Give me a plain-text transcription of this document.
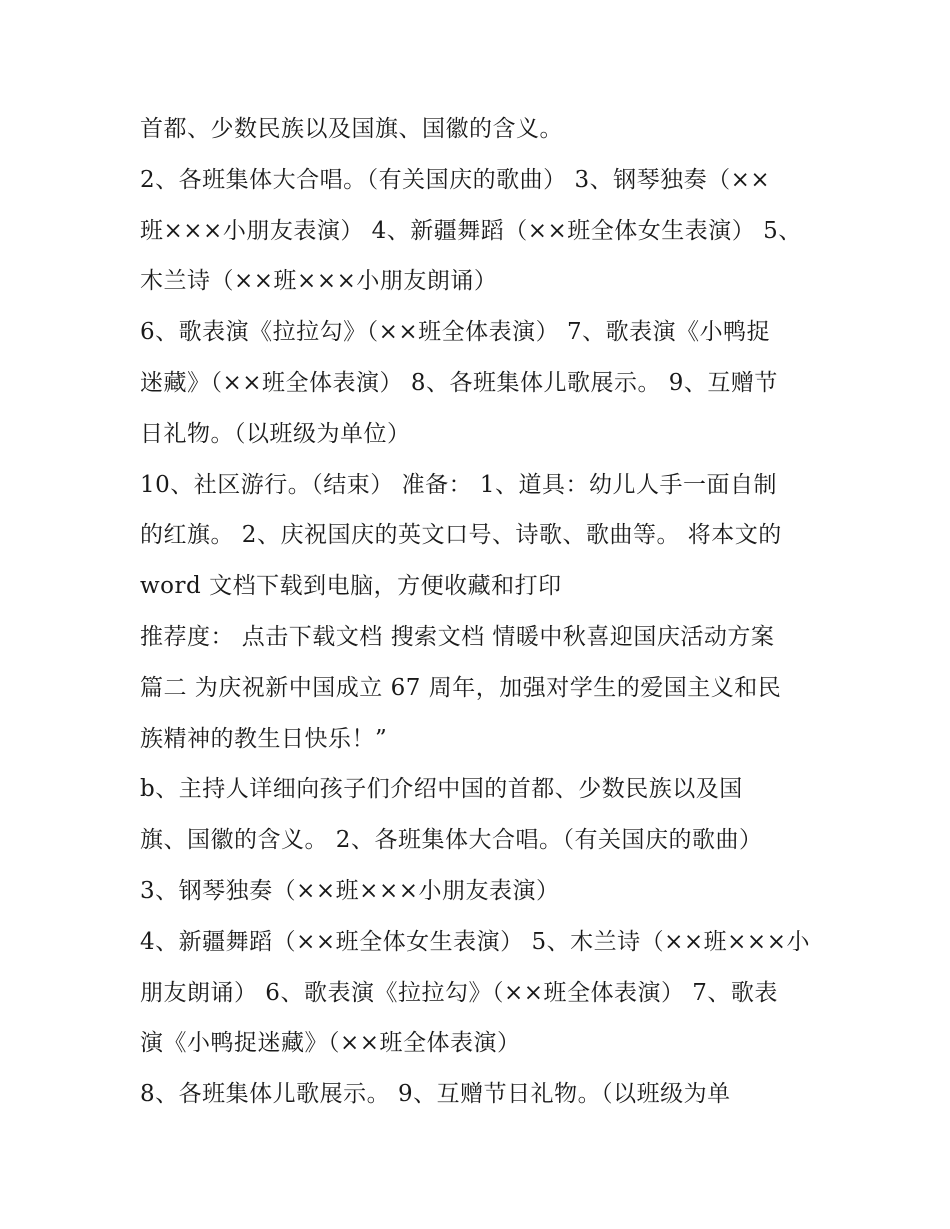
首都、少数民族以及国旗、国徽的含义。
2、各班集体大合唱。（有关国庆的歌曲） 3、钢琴独奏（××
班×××小朋友表演） 4、新疆舞蹈（××班全体女生表演） 5、
木兰诗（××班×××小朋友朗诵）
6、歌表演《拉拉勾》（××班全体表演） 7、歌表演《小鸭捉
迷藏》（××班全体表演） 8、各班集体儿歌展示。 9、互赠节
日礼物。（以班级为单位）
10、社区游行。（结束） 准备： 1、道具：幼儿人手一面自制
的红旗。 2、庆祝国庆的英文口号、诗歌、歌曲等。 将本文的
word 文档下载到电脑，方便收藏和打印
推荐度： 点击下载文档 搜索文档 情暖中秋喜迎国庆活动方案
篇二 为庆祝新中国成立 67 周年，加强对学生的爱国主义和民
族精神的教生日快乐！”
b、主持人详细向孩子们介绍中国的首都、少数民族以及国
旗、国徽的含义。 2、各班集体大合唱。（有关国庆的歌曲）
3、钢琴独奏（××班×××小朋友表演）
4、新疆舞蹈（××班全体女生表演） 5、木兰诗（××班×××小
朋友朗诵） 6、歌表演《拉拉勾》（××班全体表演） 7、歌表
演《小鸭捉迷藏》（××班全体表演）
8、各班集体儿歌展示。 9、互赠节日礼物。（以班级为单
